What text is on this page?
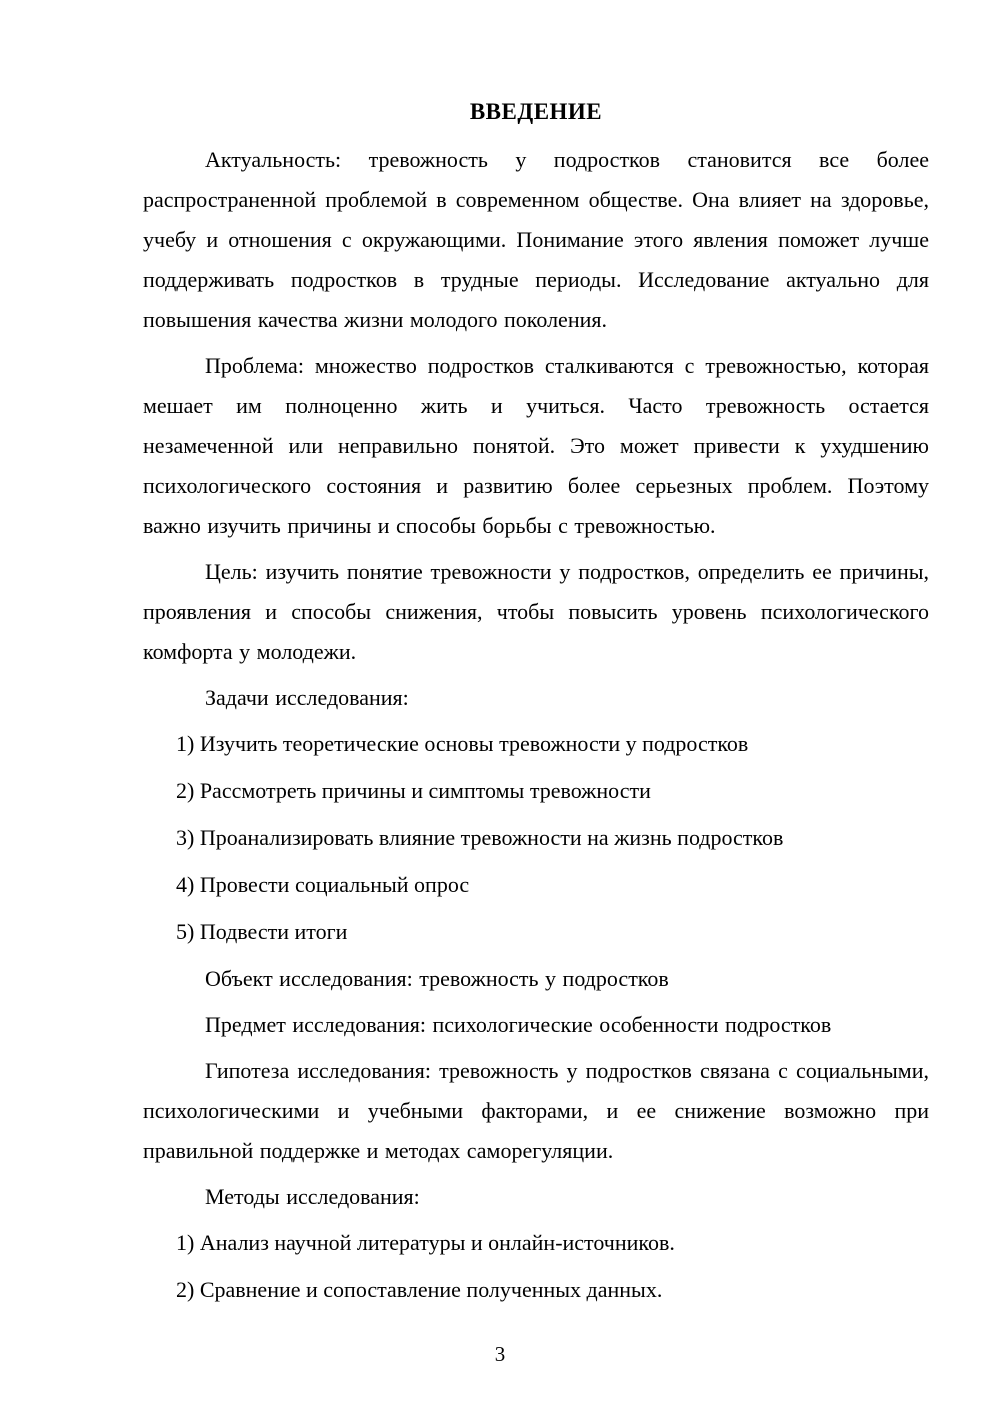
ВВЕДЕНИЕ

Актуальность: тревожность у подростков становится все более распространенной проблемой в современном обществе. Она влияет на здоровье, учебу и отношения с окружающими. Понимание этого явления поможет лучше поддерживать подростков в трудные периоды. Исследование актуально для повышения качества жизни молодого поколения.

Проблема: множество подростков сталкиваются с тревожностью, которая мешает им полноценно жить и учиться. Часто тревожность остается незамеченной или неправильно понятой. Это может привести к ухудшению психологического состояния и развитию более серьезных проблем. Поэтому важно изучить причины и способы борьбы с тревожностью.

Цель: изучить понятие тревожности у подростков, определить ее причины, проявления и способы снижения, чтобы повысить уровень психологического комфорта у молодежи.

Задачи исследования:

1) Изучить теоретические основы тревожности у подростков

2) Рассмотреть причины и симптомы тревожности

3) Проанализировать влияние тревожности на жизнь подростков

4) Провести социальный опрос

5) Подвести итоги

Объект исследования: тревожность у подростков

Предмет исследования: психологические особенности подростков

Гипотеза исследования: тревожность у подростков связана с социальными, психологическими и учебными факторами, и ее снижение возможно при правильной поддержке и методах саморегуляции.

Методы исследования:

1) Анализ научной литературы и онлайн-источников.

2) Сравнение и сопоставление полученных данных.

3
